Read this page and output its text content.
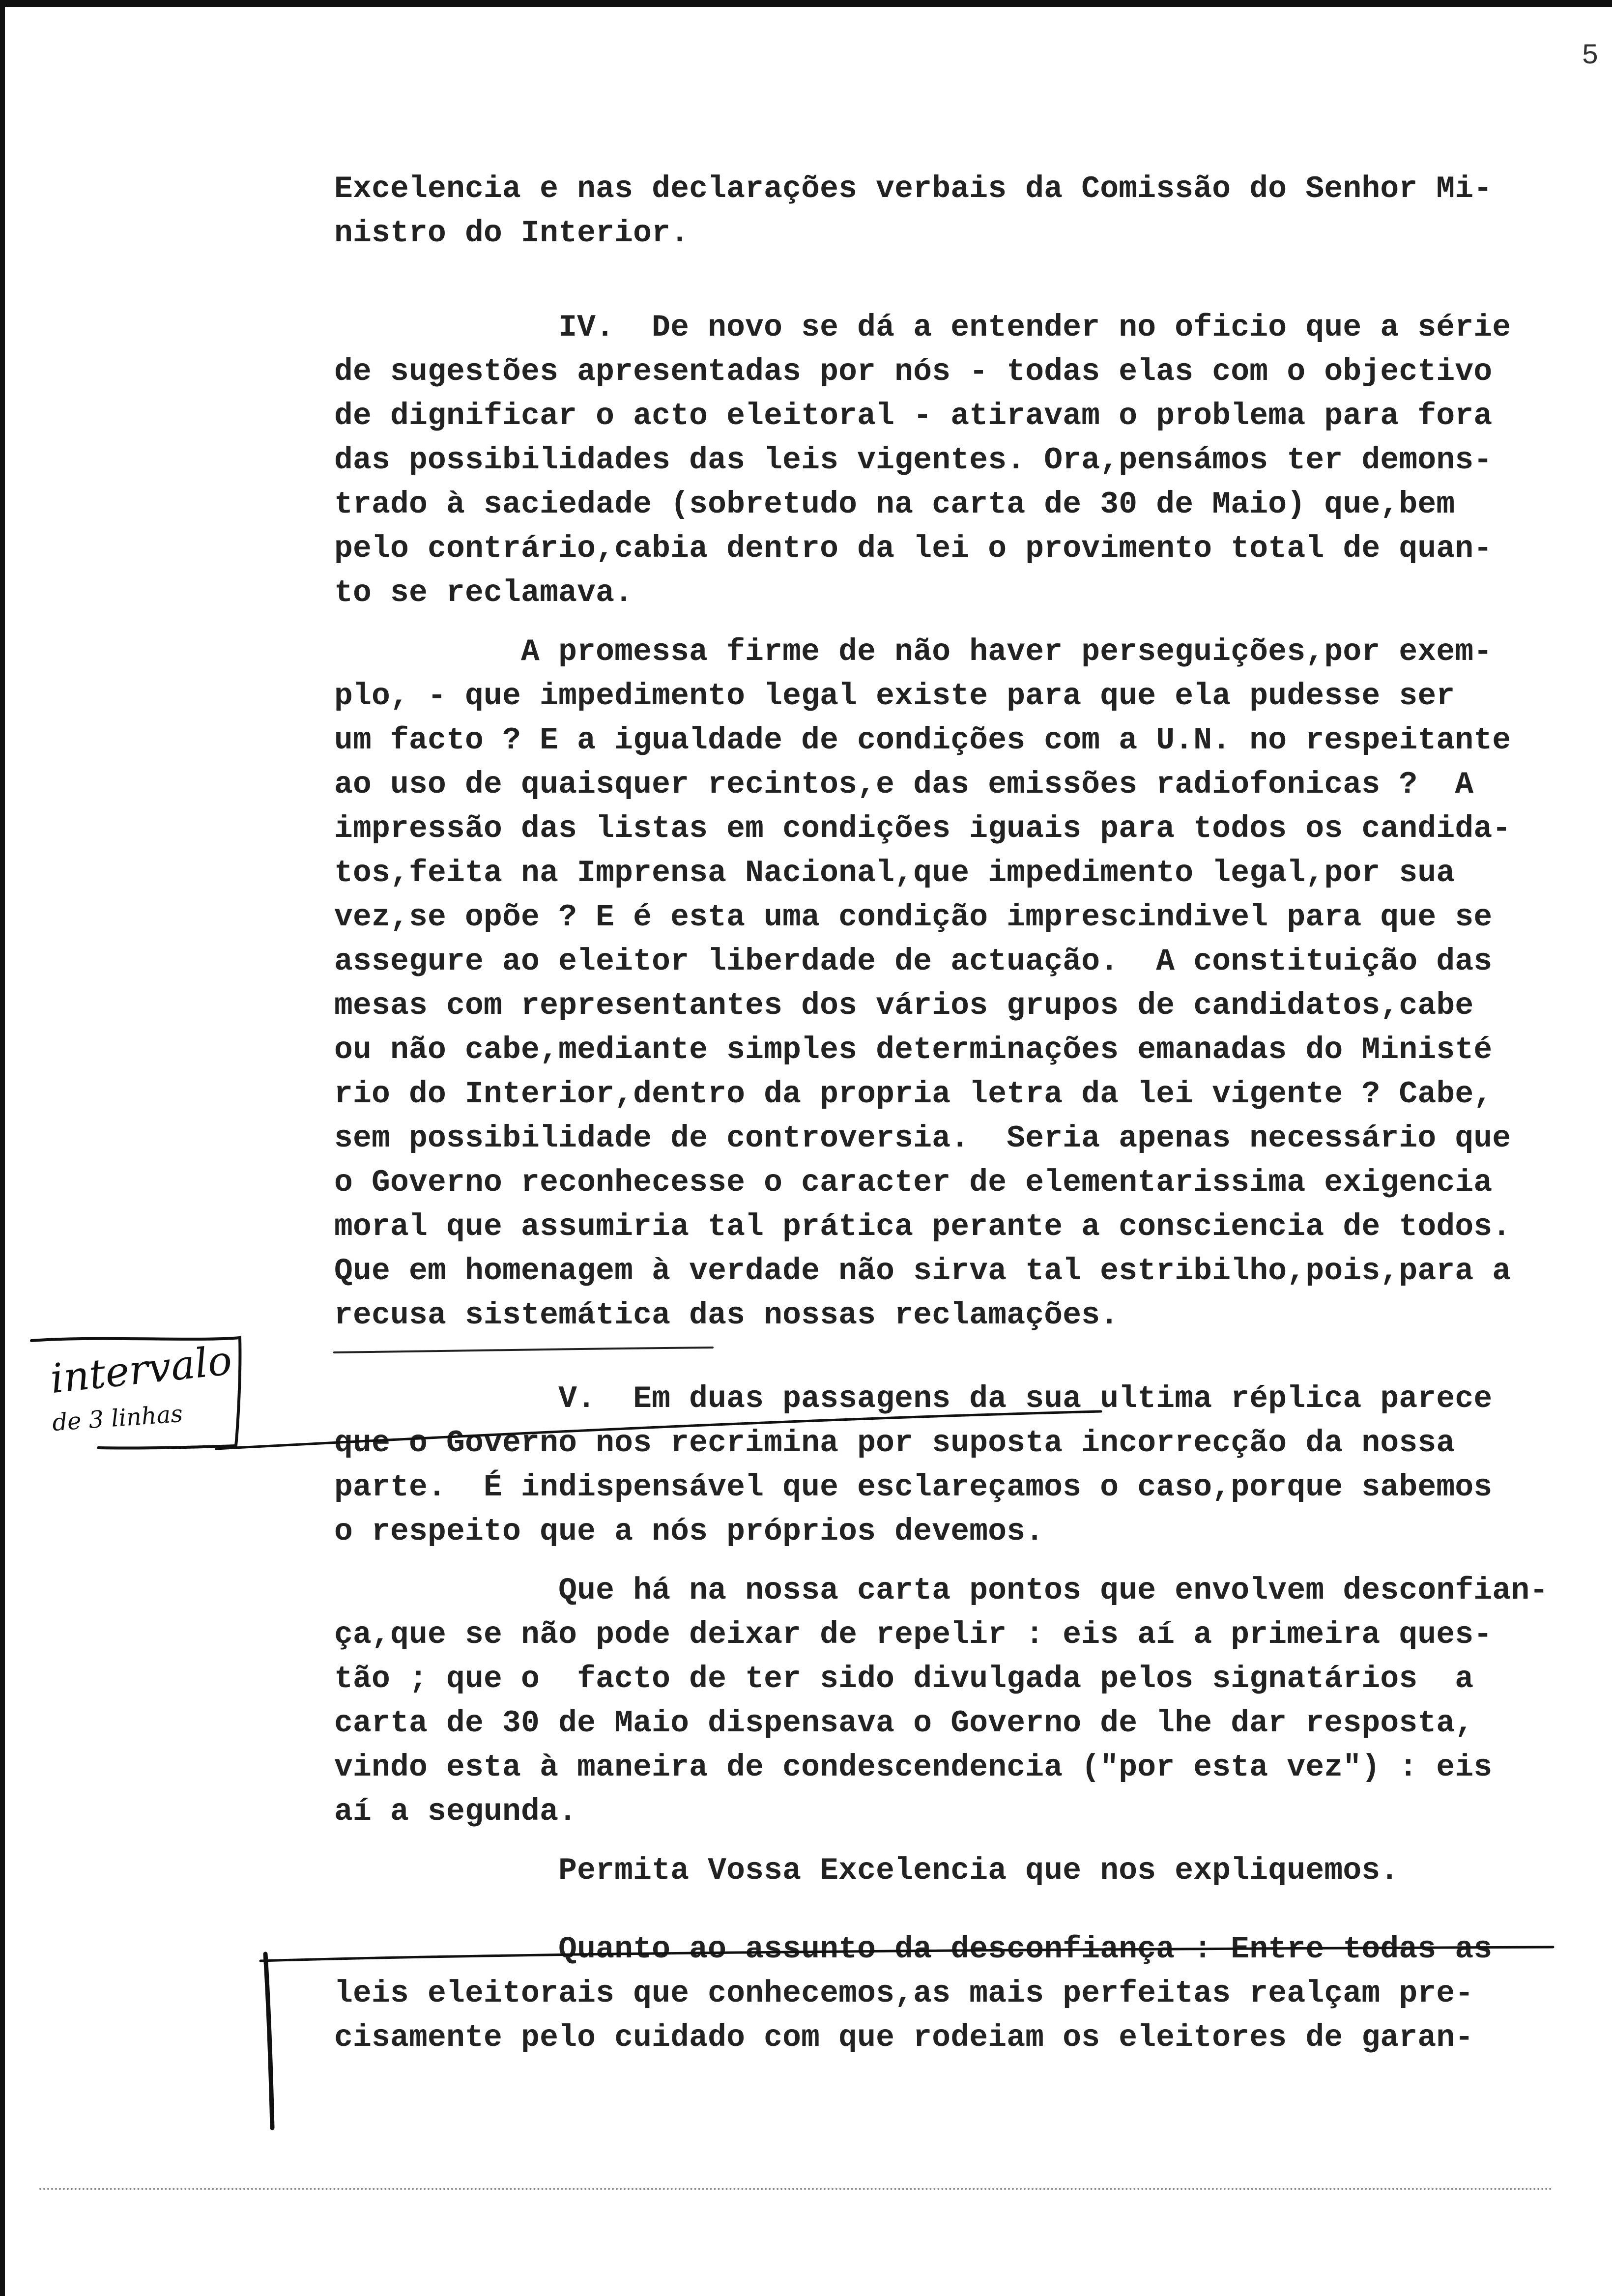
5

Excelencia e nas declarações verbais da Comissão do Senhor Mi-

nistro do Interior.

IV.  De novo se dá a entender no oficio que a série

de sugestões apresentadas por nós - todas elas com o objectivo

de dignificar o acto eleitoral - atiravam o problema para fora

das possibilidades das leis vigentes. Ora,pensámos ter demons-

trado à saciedade (sobretudo na carta de 30 de Maio) que,bem

pelo contrário,cabia dentro da lei o provimento total de quan-

to se reclamava.

A promessa firme de não haver perseguições,por exem-

plo, - que impedimento legal existe para que ela pudesse ser

um facto ? E a igualdade de condições com a U.N. no respeitante

ao uso de quaisquer recintos,e das emissões radiofonicas ?  A

impressão das listas em condições iguais para todos os candida-

tos,feita na Imprensa Nacional,que impedimento legal,por sua

vez,se opõe ? E é esta uma condição imprescindivel para que se

assegure ao eleitor liberdade de actuação.  A constituição das

mesas com representantes dos vários grupos de candidatos,cabe

ou não cabe,mediante simples determinações emanadas do Ministé

rio do Interior,dentro da propria letra da lei vigente ? Cabe,

sem possibilidade de controversia.  Seria apenas necessário que

o Governo reconhecesse o caracter de elementarissima exigencia

moral que assumiria tal prática perante a consciencia de todos.

Que em homenagem à verdade não sirva tal estribilho,pois,para a

recusa sistemática das nossas reclamações.

V.  Em duas passagens da sua ultima réplica parece

que o Governo nos recrimina por suposta incorrecção da nossa

parte.  É indispensável que esclareçamos o caso,porque sabemos

o respeito que a nós próprios devemos.

Que há na nossa carta pontos que envolvem desconfian-

ça,que se não pode deixar de repelir : eis aí a primeira ques-

tão ; que o  facto de ter sido divulgada pelos signatários  a

carta de 30 de Maio dispensava o Governo de lhe dar resposta,

vindo esta à maneira de condescendencia ("por esta vez") : eis

aí a segunda.

Permita Vossa Excelencia que nos expliquemos.

Quanto ao assunto da desconfiança : Entre todas as

leis eleitorais que conhecemos,as mais perfeitas realçam pre-

cisamente pelo cuidado com que rodeiam os eleitores de garan-

intervalo
de 3 linhas
